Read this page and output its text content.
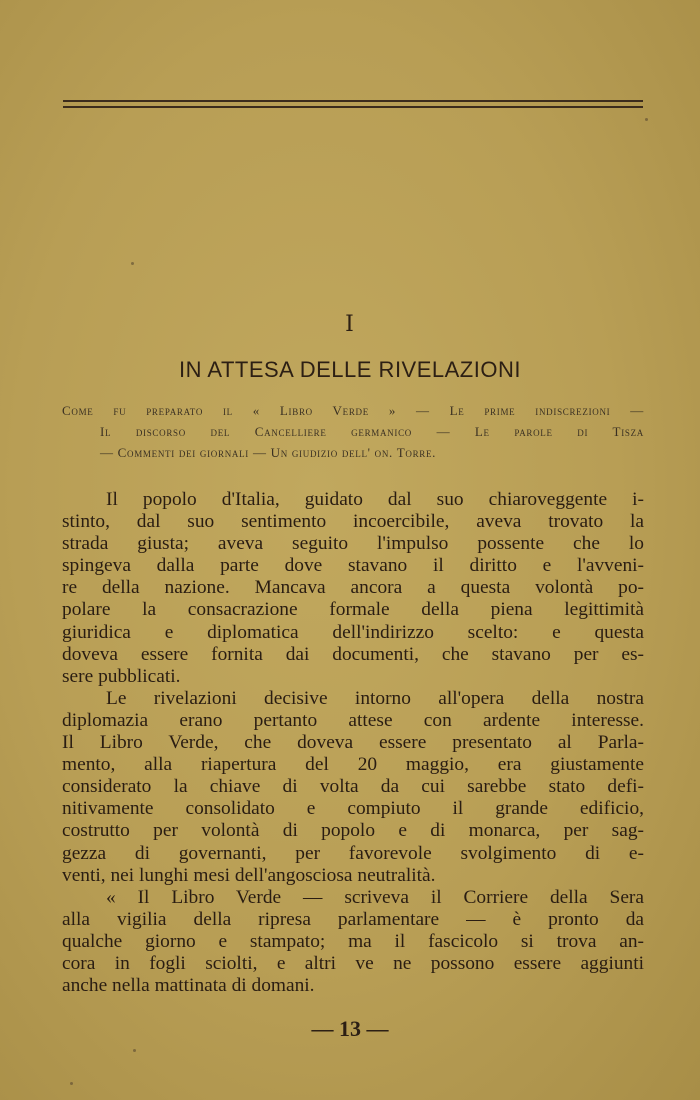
I
IN ATTESA DELLE RIVELAZIONI
Come fu preparato il « Libro Verde » — Le prime indiscrezioni —
Il discorso del Cancelliere germanico — Le parole di Tisza
— Commenti dei giornali — Un giudizio dell' on. Torre.
Il popolo d'Italia, guidato dal suo chiaroveggente i-
stinto, dal suo sentimento incoercibile, aveva trovato la
strada giusta; aveva seguito l'impulso possente che lo
spingeva dalla parte dove stavano il diritto e l'avveni-
re della nazione. Mancava ancora a questa volontà po-
polare la consacrazione formale della piena legittimità
giuridica e diplomatica dell'indirizzo scelto: e questa
doveva essere fornita dai documenti, che stavano per es-
sere pubblicati.
Le rivelazioni decisive intorno all'opera della nostra
diplomazia erano pertanto attese con ardente interesse.
Il Libro Verde, che doveva essere presentato al Parla-
mento, alla riapertura del 20 maggio, era giustamente
considerato la chiave di volta da cui sarebbe stato defi-
nitivamente consolidato e compiuto il grande edificio,
costrutto per volontà di popolo e di monarca, per sag-
gezza di governanti, per favorevole svolgimento di e-
venti, nei lunghi mesi dell'angosciosa neutralità.
« Il Libro Verde — scriveva il Corriere della Sera
alla vigilia della ripresa parlamentare — è pronto da
qualche giorno e stampato; ma il fascicolo si trova an-
cora in fogli sciolti, e altri ve ne possono essere aggiunti
anche nella mattinata di domani.
— 13 —
